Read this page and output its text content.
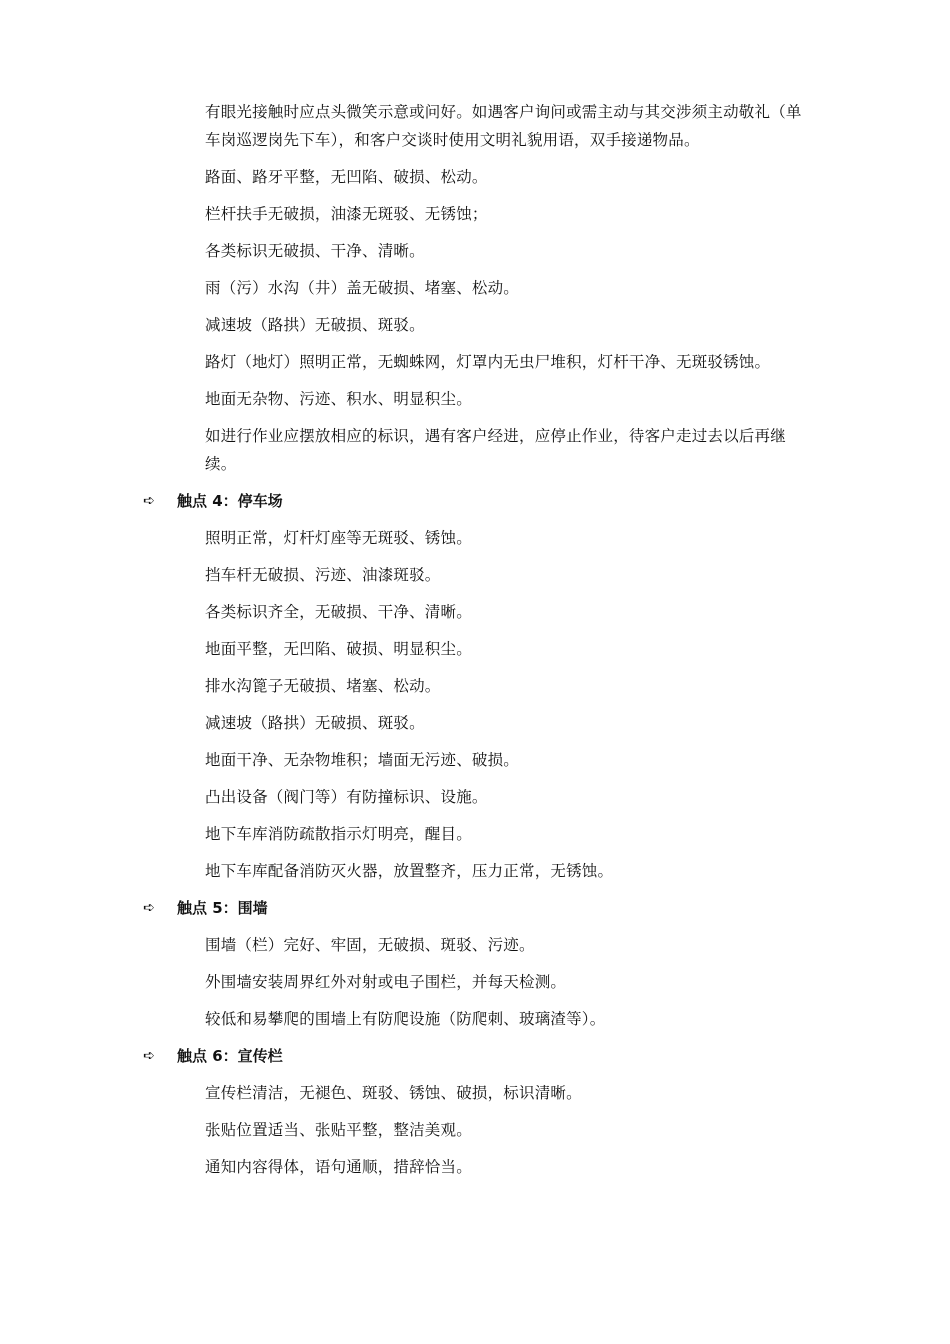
有眼光接触时应点头微笑示意或问好。如遇客户询问或需主动与其交涉须主动敬礼（单车岗巡逻岗先下车），和客户交谈时使用文明礼貌用语，双手接递物品。
路面、路牙平整，无凹陷、破损、松动。
栏杆扶手无破损，油漆无斑驳、无锈蚀；
各类标识无破损、干净、清晰。
雨（污）水沟（井）盖无破损、堵塞、松动。
减速坡（路拱）无破损、斑驳。
路灯（地灯）照明正常，无蜘蛛网，灯罩内无虫尸堆积，灯杆干净、无斑驳锈蚀。
地面无杂物、污迹、积水、明显积尘。
如进行作业应摆放相应的标识，遇有客户经进，应停止作业，待客户走过去以后再继续。
➪ 触点 4：停车场
照明正常，灯杆灯座等无斑驳、锈蚀。
挡车杆无破损、污迹、油漆斑驳。
各类标识齐全，无破损、干净、清晰。
地面平整，无凹陷、破损、明显积尘。
排水沟篦子无破损、堵塞、松动。
减速坡（路拱）无破损、斑驳。
地面干净、无杂物堆积；墙面无污迹、破损。
凸出设备（阀门等）有防撞标识、设施。
地下车库消防疏散指示灯明亮，醒目。
地下车库配备消防灭火器，放置整齐，压力正常，无锈蚀。
➪ 触点 5：围墙
围墙（栏）完好、牢固，无破损、斑驳、污迹。
外围墙安装周界红外对射或电子围栏，并每天检测。
较低和易攀爬的围墙上有防爬设施（防爬刺、玻璃渣等）。
➪ 触点 6：宣传栏
宣传栏清洁，无褪色、斑驳、锈蚀、破损，标识清晰。
张贴位置适当、张贴平整，整洁美观。
通知内容得体，语句通顺，措辞恰当。
